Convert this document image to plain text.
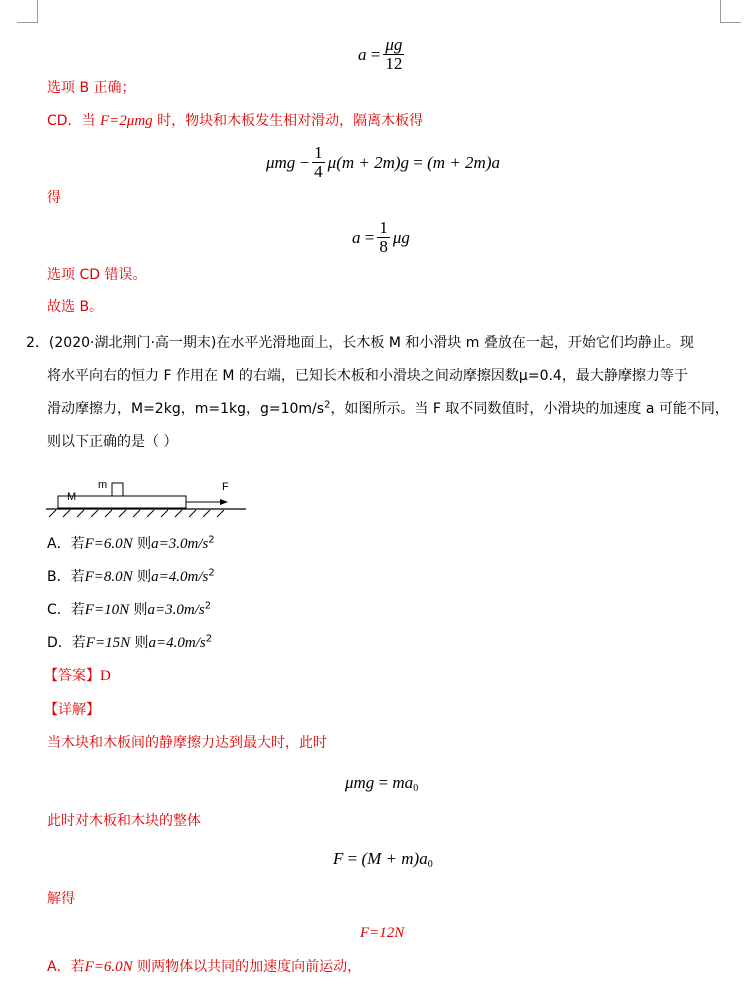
a
= $\frac{\mu g}{12}$
选项 B 正确；
CD．当 F=2μmg 时，物块和木板发生相对滑动，隔离木板得
μmg
− $\frac{1}{4} \mu(m + 2m)g$
=
(m + 2m)a
得
a
= $\frac{1}{8}$ μg
选项 CD 错误。
故选 B。
2．(2020·湖北荆门·高一期末)在水平光滑地面上，长木板 M 和小滑块 m 叠放在一起，开始它们均静止。现
将水平向右的恒力 F 作用在 M 的右端，已知长木板和小滑块之间动摩擦因数μ=0.4，最大静摩擦力等于
滑动摩擦力，M=2kg，m=1kg，$g=10m/s^2$，如图所示。当 F 取不同数值时，小滑块的加速度 a 可能不同，
则以下正确的是（ ）
m
M
F
A．若F=6.0N 则$a=3.0m/s^2$
B．若F=8.0N 则$a=4.0m/s^2$
C．若F=10N 则$a=3.0m/s^2$
D．若F=15N 则$a=4.0m/s^2$
【答案】D
【详解】
当木块和木板间的静摩擦力达到最大时，此时
μmg
=
ma 0
此时对木板和木块的整体
F
=
(M + m)a 0
解得
F=12N
A．若F=6.0N 则两物体以共同的加速度向前运动，
